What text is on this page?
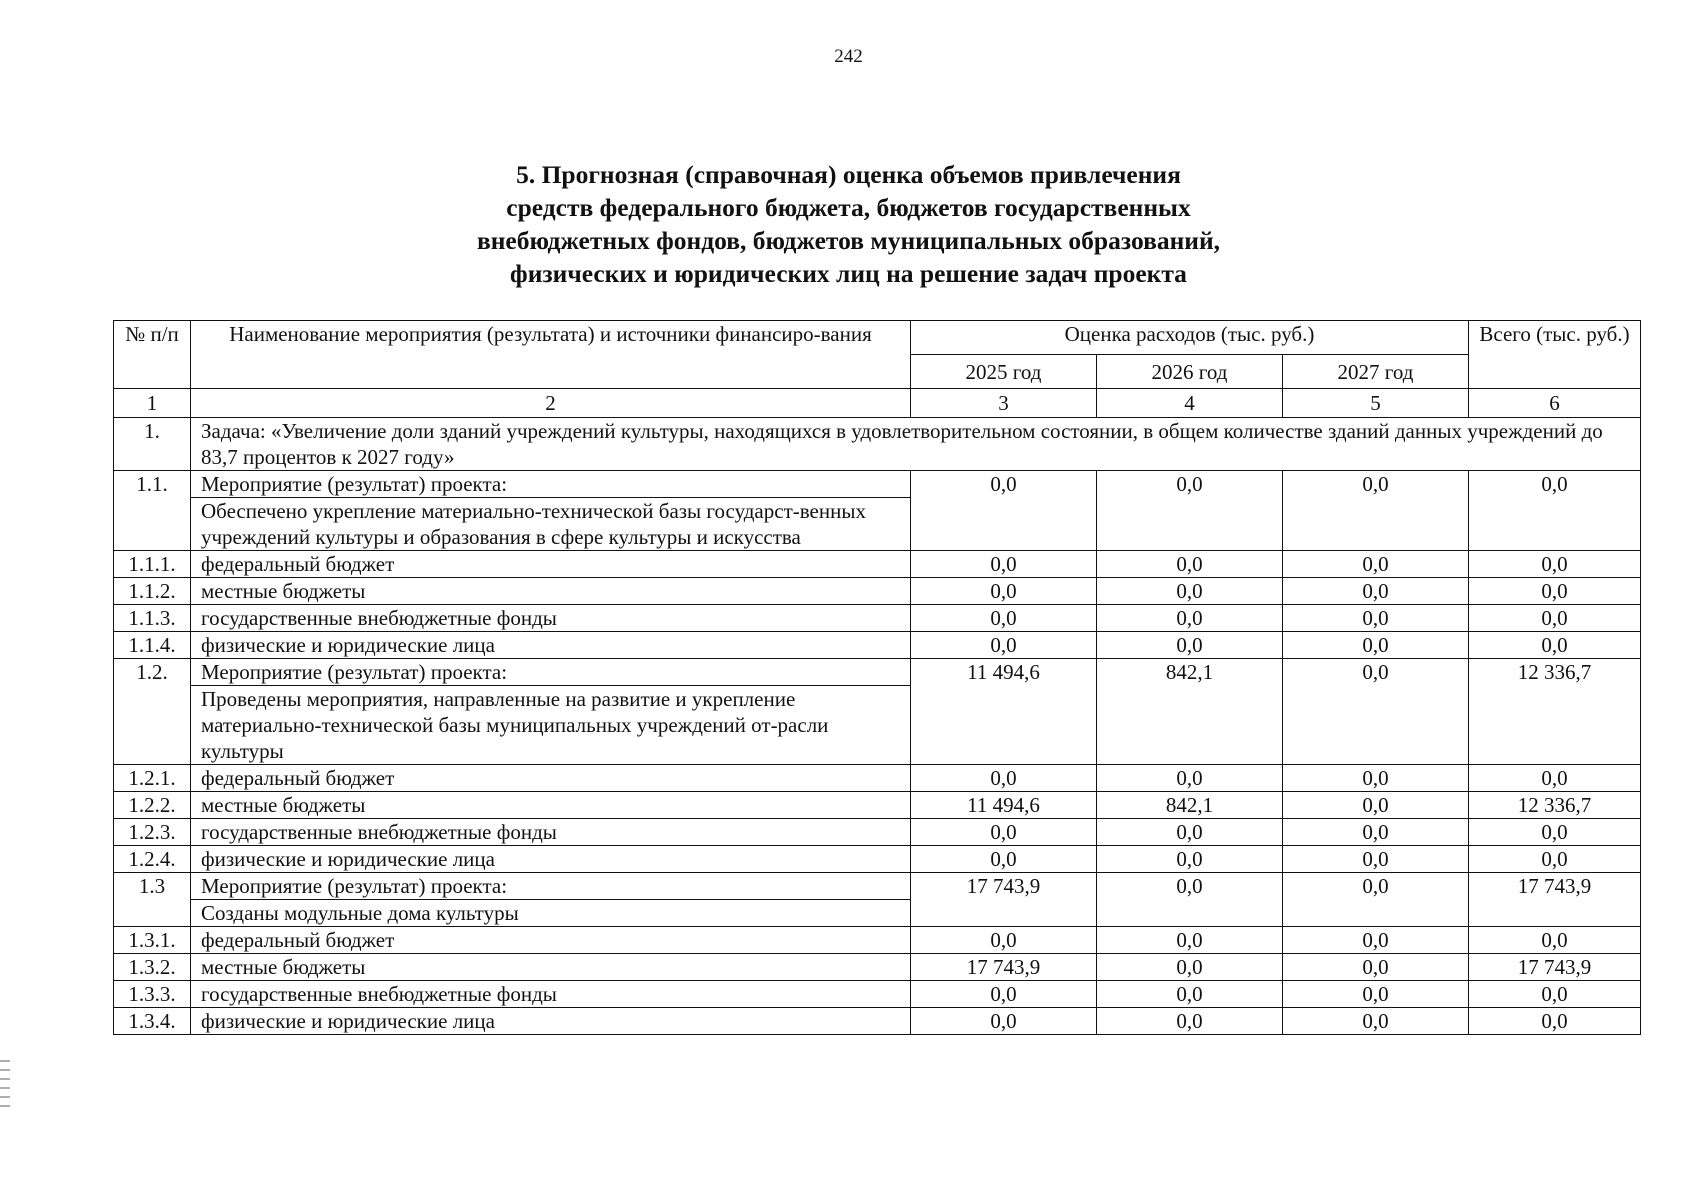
242
5. Прогнозная (справочная) оценка объемов привлечения
средств федерального бюджета, бюджетов государственных
внебюджетных фондов, бюджетов муниципальных образований,
физических и юридических лиц на решение задач проекта
№ п/п	Наименование мероприятия (результата) и источники финансиро-вания	Оценка расходов (тыс. руб.)			Всего (тыс. руб.)
		2025 год	2026 год	2027 год	
1	2	3	4	5	6
1.	Задача: «Увеличение доли зданий учреждений культуры, находящихся в удовлетворительном состоянии, в общем количестве зданий данных учреждений до 83,7 процентов к 2027 году»				
1.1.	Мероприятие (результат) проекта:	0,0	0,0	0,0	0,0
	Обеспечено укрепление материально-технической базы государст-венных учреждений культуры и образования в сфере культуры и искусства				
1.1.1.	федеральный бюджет	0,0	0,0	0,0	0,0
1.1.2.	местные бюджеты	0,0	0,0	0,0	0,0
1.1.3.	государственные внебюджетные фонды	0,0	0,0	0,0	0,0
1.1.4.	физические и юридические лица	0,0	0,0	0,0	0,0
1.2.	Мероприятие (результат) проекта:	11 494,6	842,1	0,0	12 336,7
	Проведены мероприятия, направленные на развитие и укрепление материально-технической базы муниципальных учреждений от-расли культуры				
1.2.1.	федеральный бюджет	0,0	0,0	0,0	0,0
1.2.2.	местные бюджеты	11 494,6	842,1	0,0	12 336,7
1.2.3.	государственные внебюджетные фонды	0,0	0,0	0,0	0,0
1.2.4.	физические и юридические лица	0,0	0,0	0,0	0,0
1.3	Мероприятие (результат) проекта:	17 743,9	0,0	0,0	17 743,9
	Созданы модульные дома культуры				
1.3.1.	федеральный бюджет	0,0	0,0	0,0	0,0
1.3.2.	местные бюджеты	17 743,9	0,0	0,0	17 743,9
1.3.3.	государственные внебюджетные фонды	0,0	0,0	0,0	0,0
1.3.4.	физические и юридические лица	0,0	0,0	0,0	0,0
